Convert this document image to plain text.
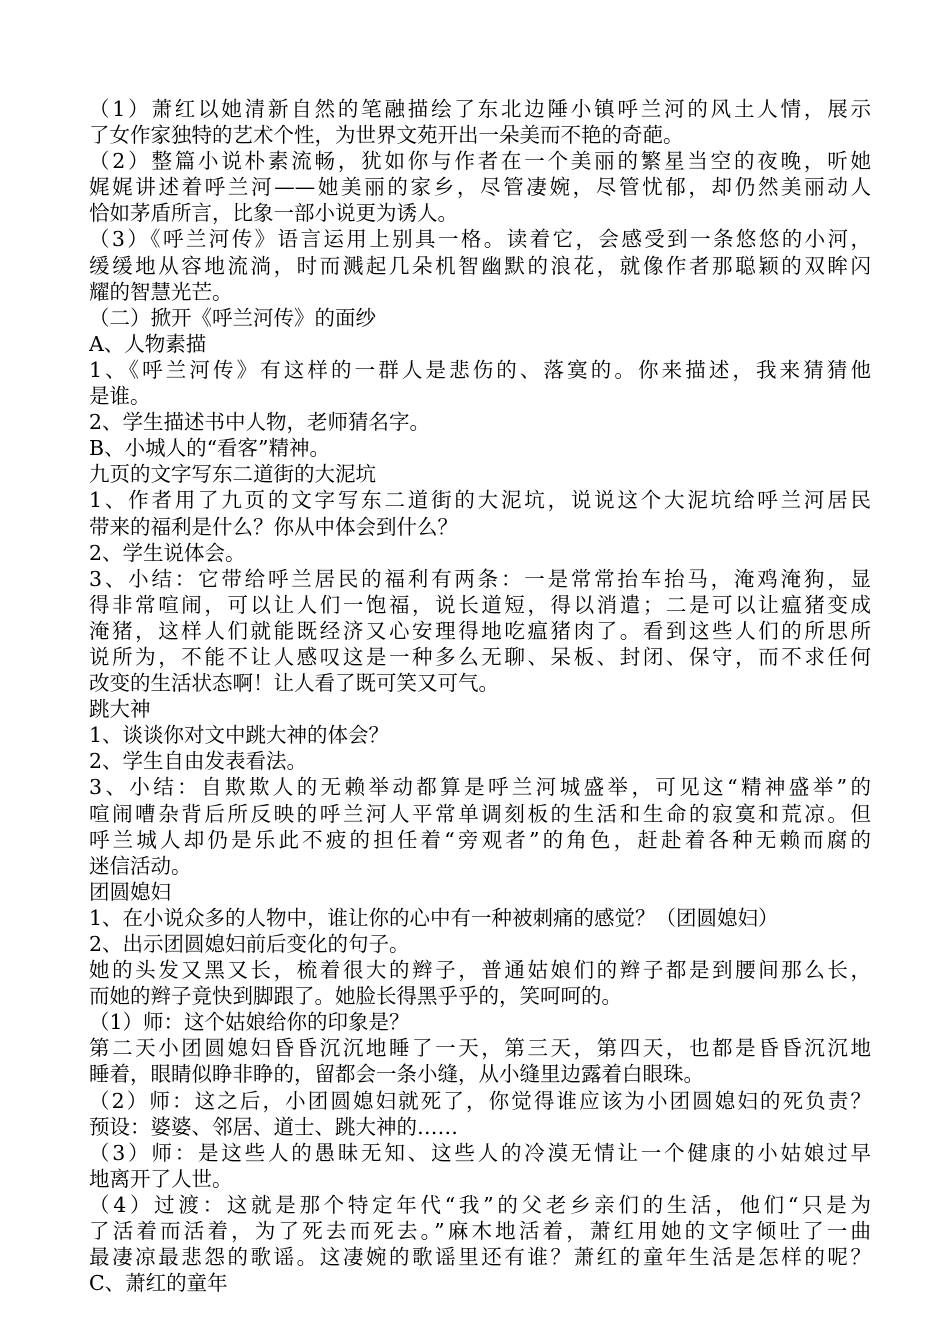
（1）萧红以她清新自然的笔融描绘了东北边陲小镇呼兰河的风土人情，展示
了女作家独特的艺术个性，为世界文苑开出一朵美而不艳的奇葩。
（2）整篇小说朴素流畅，犹如你与作者在一个美丽的繁星当空的夜晚，听她
娓娓讲述着呼兰河——她美丽的家乡，尽管凄婉，尽管忧郁，却仍然美丽动人
恰如茅盾所言，比象一部小说更为诱人。
（3）《呼兰河传》语言运用上别具一格。读着它，会感受到一条悠悠的小河，
缓缓地从容地流淌，时而溅起几朵机智幽默的浪花，就像作者那聪颖的双眸闪
耀的智慧光芒。
（二）掀开《呼兰河传》的面纱
A、人物素描
1、《呼兰河传》有这样的一群人是悲伤的、落寞的。你来描述，我来猜猜他
是谁。
2、学生描述书中人物，老师猜名字。
B、小城人的“看客”精神。
九页的文字写东二道街的大泥坑
1、作者用了九页的文字写东二道街的大泥坑，说说这个大泥坑给呼兰河居民
带来的福利是什么？你从中体会到什么？
2、学生说体会。
3、小结：它带给呼兰居民的福利有两条：一是常常抬车抬马，淹鸡淹狗，显
得非常喧闹，可以让人们一饱福，说长道短，得以消遣；二是可以让瘟猪变成
淹猪，这样人们就能既经济又心安理得地吃瘟猪肉了。看到这些人们的所思所
说所为，不能不让人感叹这是一种多么无聊、呆板、封闭、保守，而不求任何
改变的生活状态啊！让人看了既可笑又可气。
跳大神
1、谈谈你对文中跳大神的体会？
2、学生自由发表看法。
3、小结：自欺欺人的无赖举动都算是呼兰河城盛举，可见这“精神盛举”的
喧闹嘈杂背后所反映的呼兰河人平常单调刻板的生活和生命的寂寞和荒凉。但
呼兰城人却仍是乐此不疲的担任着“旁观者”的角色，赶赴着各种无赖而腐的
迷信活动。
团圆媳妇
1、在小说众多的人物中，谁让你的心中有一种被刺痛的感觉？（团圆媳妇）
2、出示团圆媳妇前后变化的句子。
她的头发又黑又长，梳着很大的辫子，普通姑娘们的辫子都是到腰间那么长，
而她的辫子竟快到脚跟了。她脸长得黑乎乎的，笑呵呵的。
（1）师：这个姑娘给你的印象是？
第二天小团圆媳妇昏昏沉沉地睡了一天，第三天，第四天，也都是昏昏沉沉地
睡着，眼睛似睁非睁的，留都会一条小缝，从小缝里边露着白眼珠。
（2）师：这之后，小团圆媳妇就死了，你觉得谁应该为小团圆媳妇的死负责？
预设：婆婆、邻居、道士、跳大神的……
（3）师：是这些人的愚昧无知、这些人的冷漠无情让一个健康的小姑娘过早
地离开了人世。
（4）过渡：这就是那个特定年代“我”的父老乡亲们的生活，他们“只是为
了活着而活着，为了死去而死去。”麻木地活着，萧红用她的文字倾吐了一曲
最凄凉最悲怨的歌谣。这凄婉的歌谣里还有谁？萧红的童年生活是怎样的呢？
C、萧红的童年
